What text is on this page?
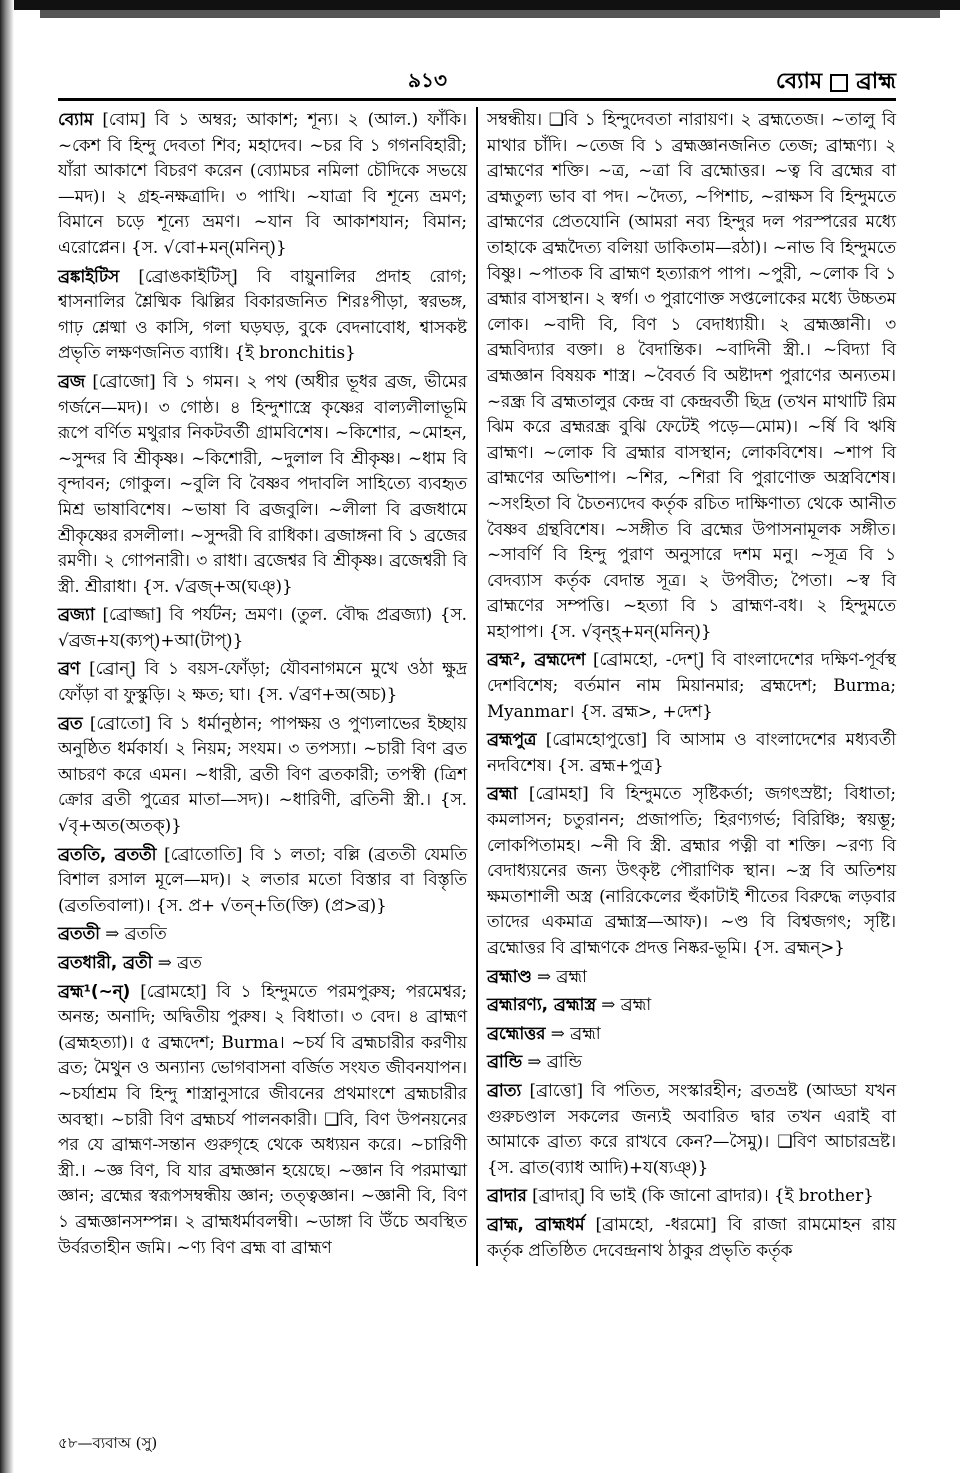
৯১৩	ব্যোম ব্রাহ্ম

ব্যোম [বোম] বি ১ অম্বর; আকাশ; শূন্য। ২ (আল.) ফাঁকি। ~কেশ বি হিন্দু দেবতা শিব; মহাদেব। ~চর বি ১ গগনবিহারী; যাঁরা আকাশে বিচরণ করেন (ব্যোমচর নমিলা চৌদিকে সভয়ে—মদ)। ২ গ্রহ-নক্ষত্রাদি। ৩ পাখি। ~যাত্রা বি শূন্যে ভ্রমণ; বিমানে চড়ে শূন্যে ভ্রমণ। ~যান বি আকাশযান; বিমান; এরোপ্লেন। {স. √বো+মন্(মনিন্)}

ব্রঙ্কাইটিস [ব্রোঙকাইটিস্] বি বায়ুনালির প্রদাহ রোগ; শ্বাসনালির শ্লৈষ্মিক ঝিল্লির বিকারজনিত শিরঃপীড়া, স্বরভঙ্গ, গাঢ় শ্লেষ্মা ও কাসি, গলা ঘড়ঘড়, বুকে বেদনাবোধ, শ্বাসকষ্ট প্রভৃতি লক্ষণজনিত ব্যাধি। {ই bronchitis}

ব্রজ [ব্রোজো] বি ১ গমন। ২ পথ (অধীর ভূধর ব্রজ, ভীমের গর্জনে—মদ)। ৩ গোষ্ঠ। ৪ হিন্দুশাস্ত্রে কৃষ্ণের বাল্যলীলাভূমি রূপে বর্ণিত মথুরার নিকটবর্তী গ্রামবিশেষ। ~কিশোর, ~মোহন, ~সুন্দর বি শ্রীকৃষ্ণ। ~কিশোরী, ~দুলাল বি শ্রীকৃষ্ণ। ~ধাম বি বৃন্দাবন; গোকুল। ~বুলি বি বৈষ্ণব পদাবলি সাহিত্যে ব্যবহৃত মিশ্র ভাষাবিশেষ। ~ভাষা বি ব্রজবুলি। ~লীলা বি ব্রজধামে শ্রীকৃষ্ণের রসলীলা। ~সুন্দরী বি রাধিকা। ব্রজাঙ্গনা বি ১ ব্রজের রমণী। ২ গোপনারী। ৩ রাধা। ব্রজেশ্বর বি শ্রীকৃষ্ণ। ব্রজেশ্বরী বি স্ত্রী. শ্রীরাধা। {স. √ব্রজ্+অ(ঘঞ্)}

ব্রজ্যা [ব্রোজ্জা] বি পর্যটন; ভ্রমণ। (তুল. বৌদ্ধ প্রব্রজ্যা) {স. √ব্রজ+য(ক্যপ্)+আ(টাপ্)}

ব্রণ [ব্রোন্] বি ১ বয়স-ফোঁড়া; যৌবনাগমনে মুখে ওঠা ক্ষুদ্র ফোঁড়া বা ফুস্কুড়ি। ২ ক্ষত; ঘা। {স. √ব্রণ+অ(অচ)}

ব্রত [ব্রোতো] বি ১ ধর্মানুষ্ঠান; পাপক্ষয় ও পুণ্যলাভের ইচ্ছায় অনুষ্ঠিত ধর্মকার্য। ২ নিয়ম; সংযম। ৩ তপস্যা। ~চারী বিণ ব্রত আচরণ করে এমন। ~ধারী, ব্রতী বিণ ব্রতকারী; তপস্বী (ত্রিশ ক্রোর ব্রতী পুত্রের মাতা—সদ)। ~ধারিণী, ব্রতিনী স্ত্রী.। {স. √বৃ+অত(অতক্)}

ব্রততি, ব্রততী [ব্রোতোতি] বি ১ লতা; বল্লি (ব্রততী যেমতি বিশাল রসাল মূলে—মদ)। ২ লতার মতো বিস্তার বা বিস্তৃতি (ব্রততিবালা)। {স. প্র+ √তন্+তি(ক্তি) (প্র>ব্র)}

ব্রততী ⇒ ব্রততি

ব্রতধারী, ব্রতী ⇒ ব্রত

ব্রহ্ম¹(~ন্) [ব্রোমহো] বি ১ হিন্দুমতে পরমপুরুষ; পরমেশ্বর; অনন্ত; অনাদি; অদ্বিতীয় পুরুষ। ২ বিধাতা। ৩ বেদ। ৪ ব্রাহ্মণ (ব্রহ্মহত্যা)। ৫ ব্রহ্মদেশ; Burma। ~চর্য বি ব্রহ্মচারীর করণীয় ব্রত; মৈথুন ও অন্যান্য ভোগবাসনা বর্জিত সংযত জীবনযাপন। ~চর্যাশ্রম বি হিন্দু শাস্ত্রানুসারে জীবনের প্রথমাংশে ব্রহ্মচারীর অবস্থা। ~চারী বিণ ব্রহ্মচর্য পালনকারী। ❑বি, বিণ উপনয়নের পর যে ব্রাহ্মণ-সন্তান গুরুগৃহে থেকে অধ্যয়ন করে। ~চারিণী স্ত্রী.। ~জ্ঞ বিণ, বি যার ব্রহ্মজ্ঞান হয়েছে। ~জ্ঞান বি পরমাত্মা জ্ঞান; ব্রহ্মের স্বরূপসম্বন্ধীয় জ্ঞান; তত্ত্বজ্ঞান। ~জ্ঞানী বি, বিণ ১ ব্রহ্মজ্ঞানসম্পন্ন। ২ ব্রাহ্মধর্মাবলম্বী। ~ডাঙ্গা বি উঁচে অবস্থিত উর্বরতাহীন জমি। ~ণ্য বিণ ব্রহ্ম বা ব্রাহ্মণ

সম্বন্ধীয়। ❑বি ১ হিন্দুদেবতা নারায়ণ। ২ ব্রহ্মতেজ। ~তালু বি মাথার চাঁদি। ~তেজ বি ১ ব্রহ্মজ্ঞানজনিত তেজ; ব্রাহ্মণ্য। ২ ব্রাহ্মণের শক্তি। ~ত্র, ~ত্রা বি ব্রহ্মোত্তর। ~ত্ব বি ব্রহ্মের বা ব্রহ্মতুল্য ভাব বা পদ। ~দৈত্য, ~পিশাচ, ~রাক্ষস বি হিন্দুমতে ব্রাহ্মণের প্রেতযোনি (আমরা নব্য হিন্দুর দল পরস্পরের মধ্যে তাহাকে ব্রহ্মদৈত্য বলিয়া ডাকিতাম—রঠা)। ~নাভ বি হিন্দুমতে বিষ্ণু। ~পাতক বি ব্রাহ্মণ হত্যারূপ পাপ। ~পুরী, ~লোক বি ১ ব্রহ্মার বাসস্থান। ২ স্বর্গ। ৩ পুরাণোক্ত সপ্তলোকের মধ্যে উচ্চতম লোক। ~বাদী বি, বিণ ১ বেদাধ্যায়ী। ২ ব্রহ্মজ্ঞানী। ৩ ব্রহ্মবিদ্যার বক্তা। ৪ বৈদান্তিক। ~বাদিনী স্ত্রী.। ~বিদ্যা বি ব্রহ্মজ্ঞান বিষয়ক শাস্ত্র। ~বৈবর্ত বি অষ্টাদশ পুরাণের অন্যতম। ~রন্ধ্র বি ব্রহ্মতালুর কেন্দ্র বা কেন্দ্রবর্তী ছিদ্র (তখন মাথাটি রিম ঝিম করে ব্রহ্মরন্ধ্র বুঝি ফেটেই পড়ে—মোম)। ~র্ষি বি ঋষি ব্রাহ্মণ। ~লোক বি ব্রহ্মার বাসস্থান; লোকবিশেষ। ~শাপ বি ব্রাহ্মণের অভিশাপ। ~শির, ~শিরা বি পুরাণোক্ত অস্ত্রবিশেষ। ~সংহিতা বি চৈতন্যদেব কর্তৃক রচিত দাক্ষিণাত্য থেকে আনীত বৈষ্ণব গ্রন্থবিশেষ। ~সঙ্গীত বি ব্রহ্মের উপাসনামূলক সঙ্গীত। ~সাবর্ণি বি হিন্দু পুরাণ অনুসারে দশম মনু। ~সূত্র বি ১ বেদব্যাস কর্তৃক বেদান্ত সূত্র। ২ উপবীত; পৈতা। ~স্ব বি ব্রাহ্মণের সম্পত্তি। ~হত্যা বি ১ ব্রাহ্মণ-বধ। ২ হিন্দুমতে মহাপাপ। {স. √বৃন্হ্+মন্(মনিন্)}

ব্রহ্ম², ব্রহ্মদেশ [ব্রোমহো, -দেশ্] বি বাংলাদেশের দক্ষিণ-পূর্বস্থ দেশবিশেষ; বর্তমান নাম মিয়ানমার; ব্রহ্মদেশ; Burma; Myanmar। {স. ব্রহ্ম>, +দেশ}

ব্রহ্মপুত্র [ব্রোমহোপুত্তো] বি আসাম ও বাংলাদেশের মধ্যবর্তী নদবিশেষ। {স. ব্রহ্ম+পুত্র}

ব্রহ্মা [ব্রোমহা] বি হিন্দুমতে সৃষ্টিকর্তা; জগৎস্রষ্টা; বিধাতা; কমলাসন; চতুরানন; প্রজাপতি; হিরণ্যগর্ভ; বিরিঞ্চি; স্বয়ম্ভূ; লোকপিতামহ। ~নী বি স্ত্রী. ব্রহ্মার পত্নী বা শক্তি। ~রণ্য বি বেদাধ্যয়নের জন্য উৎকৃষ্ট পৌরাণিক স্থান। ~স্ত্র বি অতিশয় ক্ষমতাশালী অস্ত্র (নারিকেলের হুঁকাটাই শীতের বিরুদ্ধে লড়বার তাদের একমাত্র ব্রহ্মাস্ত্র—আফ)। ~ণ্ড বি বিশ্বজগৎ; সৃষ্টি। ব্রহ্মোত্তর বি ব্রাহ্মণকে প্রদত্ত নিষ্কর-ভূমি। {স. ব্রহ্মন্>}

ব্রহ্মাণ্ড ⇒ ব্রহ্মা

ব্রহ্মারণ্য, ব্রহ্মাস্ত্র ⇒ ব্রহ্মা

ব্রহ্মোত্তর ⇒ ব্রহ্মা

ব্রান্ডি ⇒ ব্রান্ডি

ব্রাত্য [ব্রাত্তো] বি পতিত, সংস্কারহীন; ব্রতভ্রষ্ট (আড্ডা যখন গুরুচণ্ডাল সকলের জন্যই অবারিত দ্বার তখন এরাই বা আমাকে ব্রাত্য করে রাখবে কেন?—সৈমু)। ❑বিণ আচারভ্রষ্ট। {স. ব্রাত(ব্যাধ আদি)+য(ষ্যঞ্)}

ব্রাদার [ব্রাদার্] বি ভাই (কি জানো ব্রাদার)। {ই brother}

ব্রাহ্ম, ব্রাহ্মধর্ম [ব্রামহো, -ধরমো] বি রাজা রামমোহন রায় কর্তৃক প্রতিষ্ঠিত দেবেন্দ্রনাথ ঠাকুর প্রভৃতি কর্তৃক

৫৮—ব্যবাঅ (সু)
